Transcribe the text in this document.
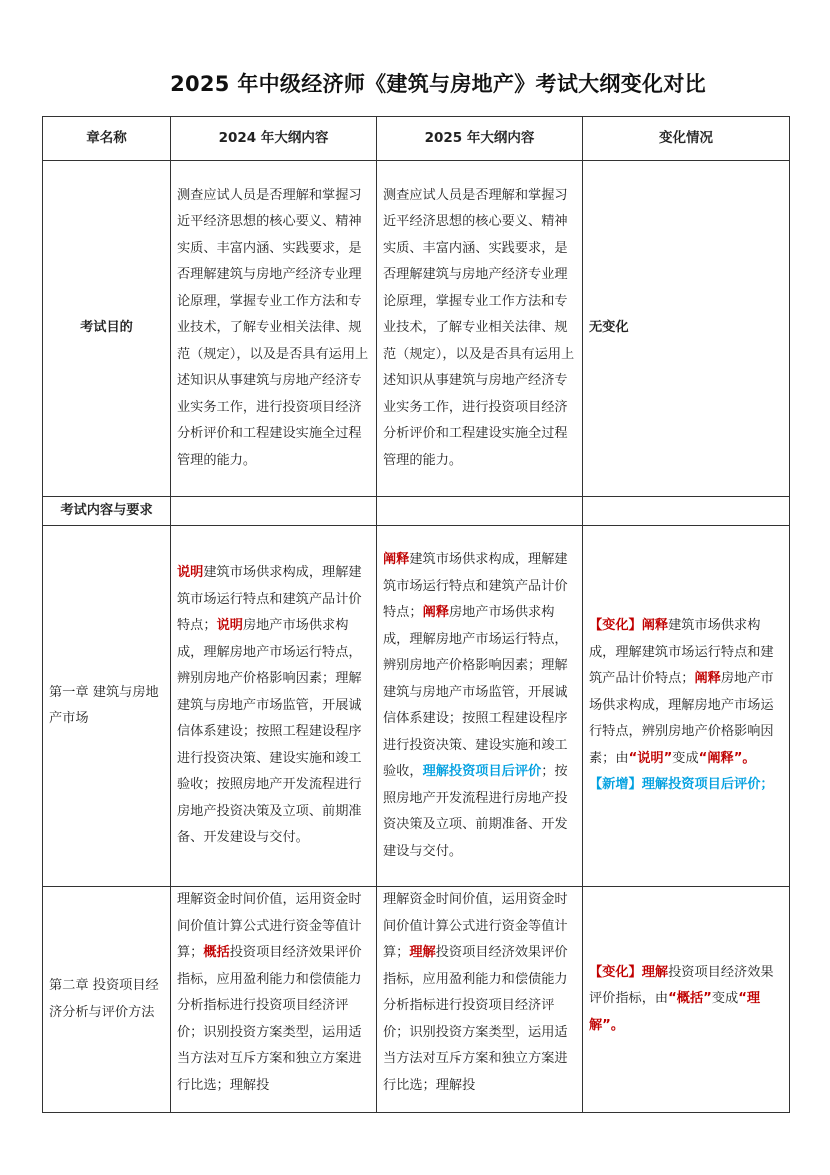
2025 年中级经济师《建筑与房地产》考试大纲变化对比
章名称	2024 年大纲内容	2025 年大纲内容	变化情况
考试目的	测查应试人员是否理解和掌握习近平经济思想的核心要义、精神实质、丰富内涵、实践要求，是否理解建筑与房地产经济专业理论原理，掌握专业工作方法和专业技术，了解专业相关法律、规范（规定），以及是否具有运用上述知识从事建筑与房地产经济专业实务工作，进行投资项目经济分析评价和工程建设实施全过程管理的能力。	测查应试人员是否理解和掌握习近平经济思想的核心要义、精神实质、丰富内涵、实践要求，是否理解建筑与房地产经济专业理论原理，掌握专业工作方法和专业技术，了解专业相关法律、规范（规定），以及是否具有运用上述知识从事建筑与房地产经济专业实务工作，进行投资项目经济分析评价和工程建设实施全过程管理的能力。	无变化
考试内容与要求			
第一章 建筑与房地产市场	说明建筑市场供求构成，理解建筑市场运行特点和建筑产品计价特点；说明房地产市场供求构成，理解房地产市场运行特点，辨别房地产价格影响因素；理解建筑与房地产市场监管，开展诚信体系建设；按照工程建设程序进行投资决策、建设实施和竣工验收；按照房地产开发流程进行房地产投资决策及立项、前期准备、开发建设与交付。	阐释建筑市场供求构成，理解建筑市场运行特点和建筑产品计价特点；阐释房地产市场供求构成，理解房地产市场运行特点，辨别房地产价格影响因素；理解建筑与房地产市场监管，开展诚信体系建设；按照工程建设程序进行投资决策、建设实施和竣工验收，理解投资项目后评价；按照房地产开发流程进行房地产投资决策及立项、前期准备、开发建设与交付。	【变化】阐释建筑市场供求构成，理解建筑市场运行特点和建筑产品计价特点；阐释房地产市场供求构成，理解房地产市场运行特点，辨别房地产价格影响因素；由“说明”变成“阐释”。
【新增】理解投资项目后评价；
第二章 投资项目经济分析与评价方法	理解资金时间价值，运用资金时间价值计算公式进行资金等值计算；概括投资项目经济效果评价指标，应用盈利能力和偿债能力分析指标进行投资项目经济评价；识别投资方案类型，运用适当方法对互斥方案和独立方案进行比选；理解投	理解资金时间价值，运用资金时间价值计算公式进行资金等值计算；理解投资项目经济效果评价指标，应用盈利能力和偿债能力分析指标进行投资项目经济评价；识别投资方案类型，运用适当方法对互斥方案和独立方案进行比选；理解投	【变化】理解投资项目经济效果评价指标，由“概括”变成“理解”。
